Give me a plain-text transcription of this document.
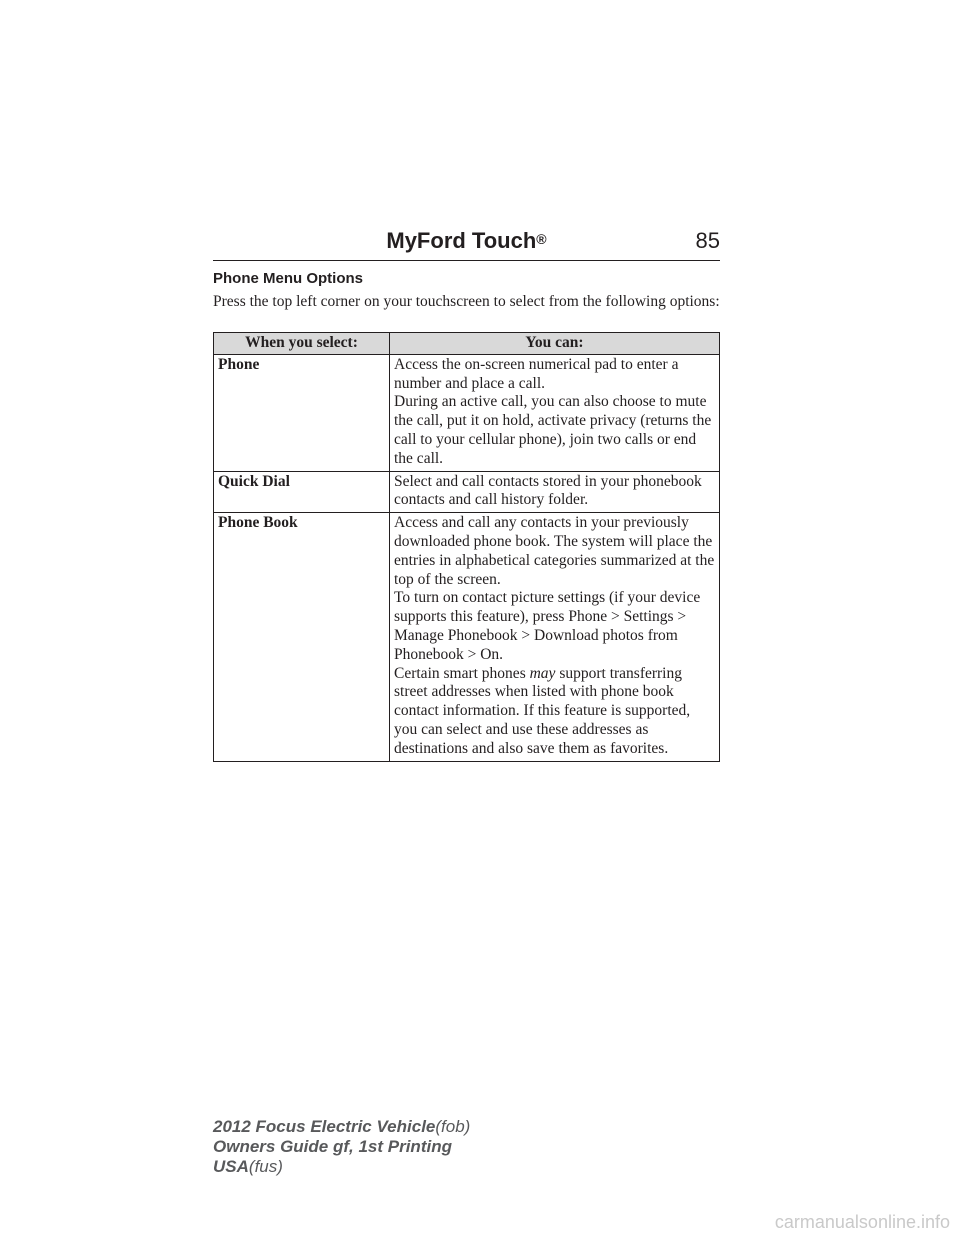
MyFord Touch®	85
Phone Menu Options
Press the top left corner on your touchscreen to select from the following options:
When you select:	You can:
Phone	Access the on-screen numerical pad to enter a number and place a call.

During an active call, you can also choose to mute the call, put it on hold, activate privacy (returns the call to your cellular phone), join two calls or end the call.

Quick Dial	Select and call contacts stored in your phonebook contacts and call history folder.

Phone Book	Access and call any contacts in your previously downloaded phone book. The system will place the entries in alphabetical categories summarized at the top of the screen.

To turn on contact picture settings (if your device supports this feature), press Phone > Settings > Manage Phonebook > Download photos from Phonebook > On.

Certain smart phones may support transferring street addresses when listed with phone book contact information. If this feature is supported, you can select and use these addresses as destinations and also save them as favorites.

2012 Focus Electric Vehicle(fob)
Owners Guide gf, 1st Printing
USA(fus)
carmanualsonline.info
